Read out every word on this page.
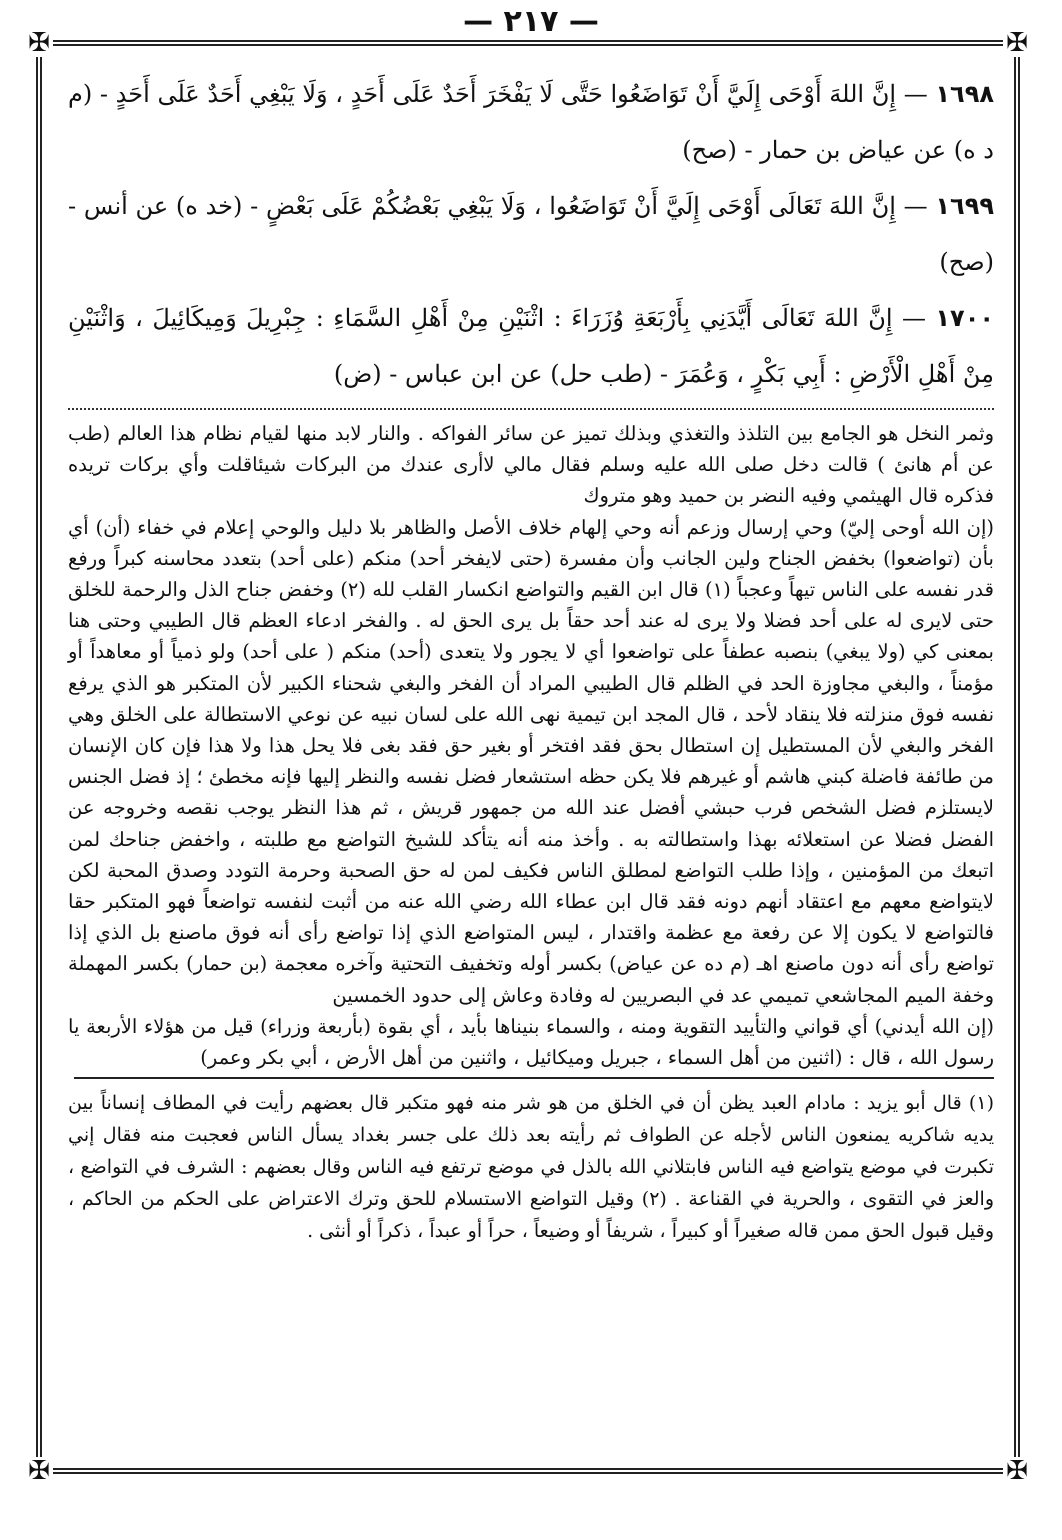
— ٢١٧ —
✠	✠
✠	✠

١٦٩٨ — إِنَّ اللهَ أَوْحَى إِلَيَّ أَنْ تَوَاضَعُوا حَتَّى لَا يَفْخَرَ أَحَدٌ عَلَى أَحَدٍ ، وَلَا يَبْغِي أَحَدٌ عَلَى أَحَدٍ - (م د ه) عن عياض بن حمار - (صح)

١٦٩٩ — إِنَّ اللهَ تَعَالَى أَوْحَى إِلَيَّ أَنْ تَوَاضَعُوا ، وَلَا يَبْغِي بَعْضُكُمْ عَلَى بَعْضٍ - (خد ه) عن أنس - (صح)

١٧٠٠ — إِنَّ اللهَ تَعَالَى أَيَّدَنِي بِأَرْبَعَةِ وُزَرَاءَ : اثْنَيْنِ مِنْ أَهْلِ السَّمَاءِ : جِبْرِيلَ وَمِيكَائِيلَ ، وَاثْنَيْنِ مِنْ أَهْلِ الْأَرْضِ : أَبِي بَكْرٍ ، وَعُمَرَ - (طب حل) عن ابن عباس - (ض)

وثمر النخل هو الجامع بين التلذذ والتغذي وبذلك تميز عن سائر الفواكه . والنار لابد منها لقيام نظام هذا العالم (طب عن أم هانئ ) قالت دخل صلى الله عليه وسلم فقال مالي لاأرى عندك من البركات شيئاقلت وأي بركات تريده فذكره قال الهيثمي وفيه النضر بن حميد وهو متروك

(إن الله أوحى إليّ) وحي إرسال وزعم أنه وحي إلهام خلاف الأصل والظاهر بلا دليل والوحي إعلام في خفاء (أن) أي بأن (تواضعوا) بخفض الجناح ولين الجانب وأن مفسرة (حتى لايفخر أحد) منكم (على أحد) بتعدد محاسنه كبراً ورفع قدر نفسه على الناس تيهاً وعجباً (١) قال ابن القيم والتواضع انكسار القلب لله (٢) وخفض جناح الذل والرحمة للخلق حتى لايرى له على أحد فضلا ولا يرى له عند أحد حقاً بل يرى الحق له . والفخر ادعاء العظم قال الطيبي وحتى هنا بمعنى كي (ولا يبغي) بنصبه عطفاً على تواضعوا أي لا يجور ولا يتعدى (أحد) منكم ( على أحد) ولو ذمياً أو معاهداً أو مؤمناً ، والبغي مجاوزة الحد في الظلم قال الطيبي المراد أن الفخر والبغي شحناء الكبير لأن المتكبر هو الذي يرفع نفسه فوق منزلته فلا ينقاد لأحد ، قال المجد ابن تيمية نهى الله على لسان نبيه عن نوعي الاستطالة على الخلق وهي الفخر والبغي لأن المستطيل إن استطال بحق فقد افتخر أو بغير حق فقد بغى فلا يحل هذا ولا هذا فإن كان الإنسان من طائفة فاضلة كبني هاشم أو غيرهم فلا يكن حظه استشعار فضل نفسه والنظر إليها فإنه مخطئ ؛ إذ فضل الجنس لايستلزم فضل الشخص فرب حبشي أفضل عند الله من جمهور قريش ، ثم هذا النظر يوجب نقصه وخروجه عن الفضل فضلا عن استعلائه بهذا واستطالته به . وأخذ منه أنه يتأكد للشيخ التواضع مع طلبته ، واخفض جناحك لمن اتبعك من المؤمنين ، وإذا طلب التواضع لمطلق الناس فكيف لمن له حق الصحبة وحرمة التودد وصدق المحبة لكن لايتواضع معهم مع اعتقاد أنهم دونه فقد قال ابن عطاء الله رضي الله عنه من أثبت لنفسه تواضعاً فهو المتكبر حقا فالتواضع لا يكون إلا عن رفعة مع عظمة واقتدار ، ليس المتواضع الذي إذا تواضع رأى أنه فوق ماصنع بل الذي إذا تواضع رأى أنه دون ماصنع اهـ (م ده عن عياض) بكسر أوله وتخفيف التحتية وآخره معجمة (بن حمار) بكسر المهملة وخفة الميم المجاشعي تميمي عد في البصريين له وفادة وعاش إلى حدود الخمسين

(إن الله أيدني) أي قواني والتأييد التقوية ومنه ، والسماء بنيناها بأيد ، أي بقوة (بأربعة وزراء) قيل من هؤلاء الأربعة يا رسول الله ، قال : (اثنين من أهل السماء ، جبريل وميكائيل ، واثنين من أهل الأرض ، أبي بكر وعمر)

(١) قال أبو يزيد : مادام العبد يظن أن في الخلق من هو شر منه فهو متكبر قال بعضهم رأيت في المطاف إنساناً بين يديه شاكريه يمنعون الناس لأجله عن الطواف ثم رأيته بعد ذلك على جسر بغداد يسأل الناس فعجبت منه فقال إني تكبرت في موضع يتواضع فيه الناس فابتلاني الله بالذل في موضع ترتفع فيه الناس وقال بعضهم : الشرف في التواضع ، والعز في التقوى ، والحرية في القناعة . (٢) وقيل التواضع الاستسلام للحق وترك الاعتراض على الحكم من الحاكم ، وقيل قبول الحق ممن قاله صغيراً أو كبيراً ، شريفاً أو وضيعاً ، حراً أو عبداً ، ذكراً أو أنثى .
